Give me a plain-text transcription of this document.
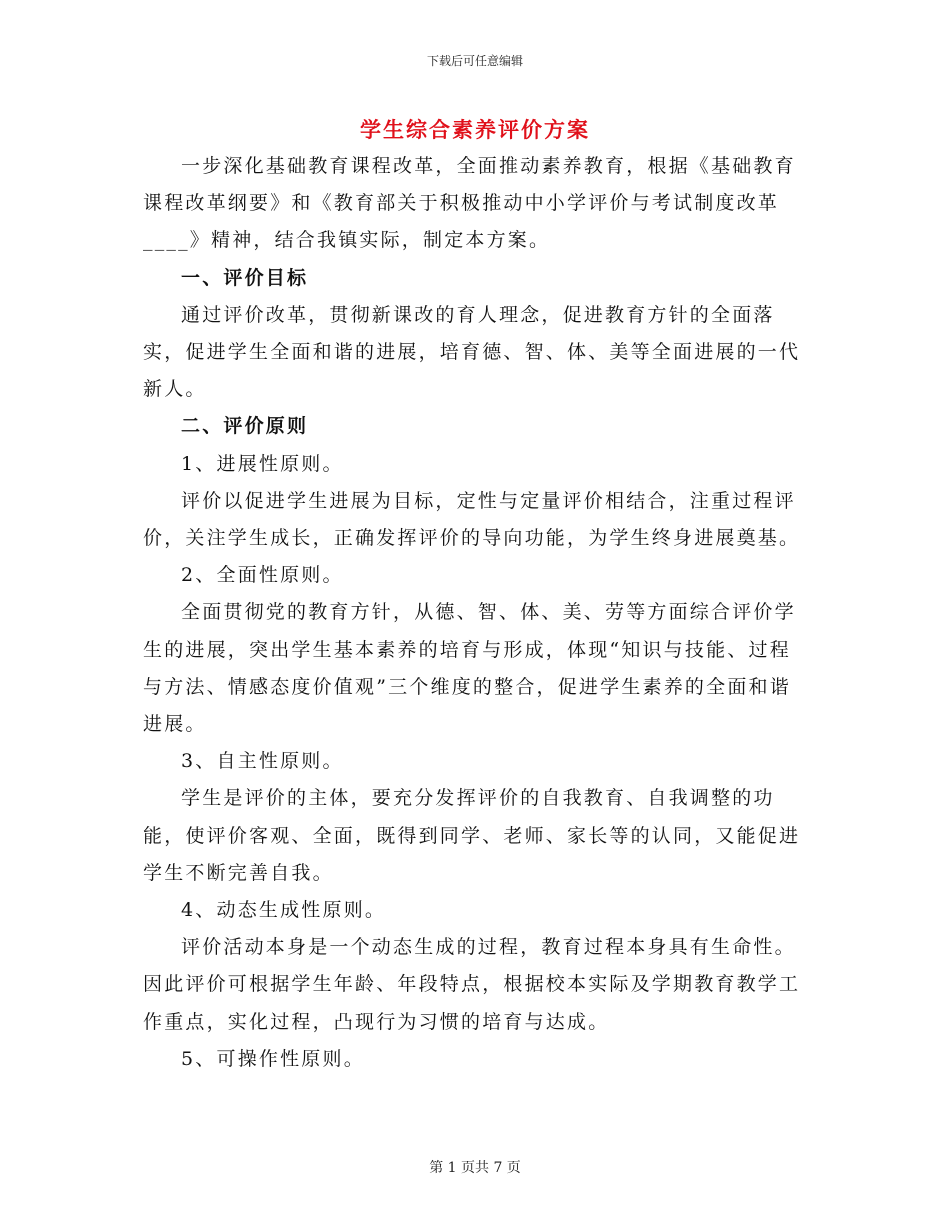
下载后可任意编辑
学生综合素养评价方案

一步深化基础教育课程改革，全面推动素养教育，根据《基础教育课程改革纲要》和《教育部关于积极推动中小学评价与考试制度改革____》精神，结合我镇实际，制定本方案。

一、评价目标

通过评价改革，贯彻新课改的育人理念，促进教育方针的全面落实，促进学生全面和谐的进展，培育德、智、体、美等全面进展的一代新人。

二、评价原则

1、进展性原则。

评价以促进学生进展为目标，定性与定量评价相结合，注重过程评价，关注学生成长，正确发挥评价的导向功能，为学生终身进展奠基。

2、全面性原则。

全面贯彻党的教育方针，从德、智、体、美、劳等方面综合评价学生的进展，突出学生基本素养的培育与形成，体现“知识与技能、过程与方法、情感态度价值观”三个维度的整合，促进学生素养的全面和谐进展。

3、自主性原则。

学生是评价的主体，要充分发挥评价的自我教育、自我调整的功能，使评价客观、全面，既得到同学、老师、家长等的认同，又能促进学生不断完善自我。

4、动态生成性原则。

评价活动本身是一个动态生成的过程，教育过程本身具有生命性。因此评价可根据学生年龄、年段特点，根据校本实际及学期教育教学工作重点，实化过程，凸现行为习惯的培育与达成。

5、可操作性原则。

第 1 页共 7 页
